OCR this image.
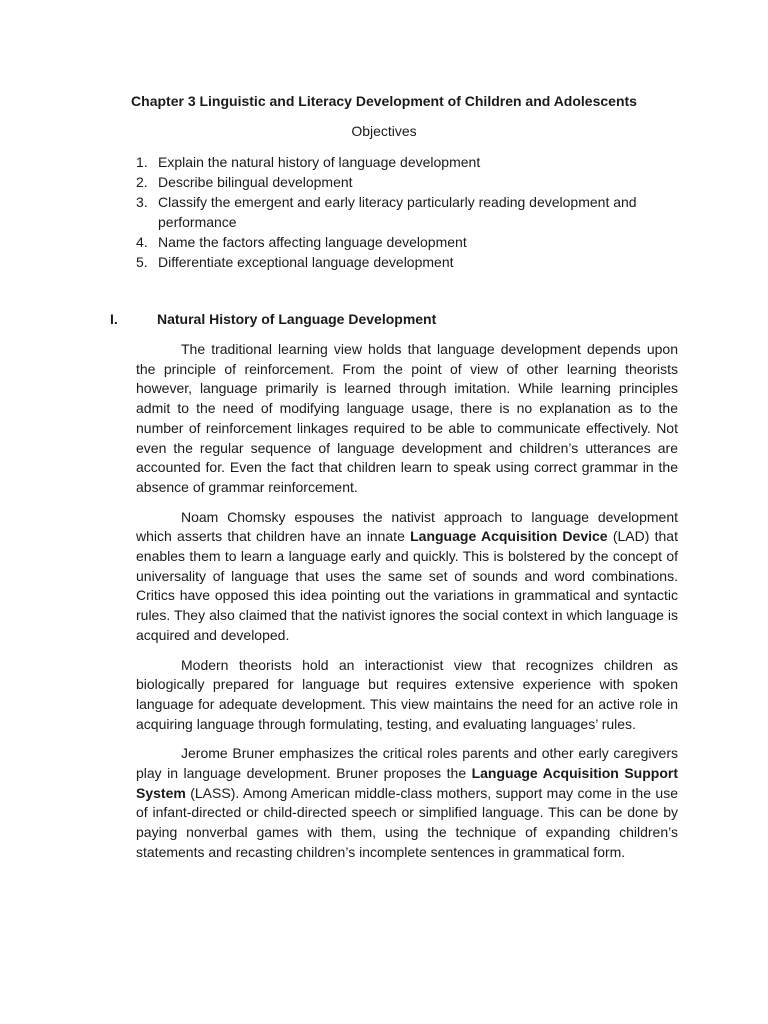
Chapter 3 Linguistic and Literacy Development of Children and Adolescents
Objectives
1. Explain the natural history of language development
2. Describe bilingual development
3. Classify the emergent and early literacy particularly reading development and performance
4. Name the factors affecting language development
5. Differentiate exceptional language development
I.	Natural History of Language Development

The traditional learning view holds that language development depends upon the principle of reinforcement. From the point of view of other learning theorists however, language primarily is learned through imitation. While learning principles admit to the need of modifying language usage, there is no explanation as to the number of reinforcement linkages required to be able to communicate effectively. Not even the regular sequence of language development and children’s utterances are accounted for. Even the fact that children learn to speak using correct grammar in the absence of grammar reinforcement.

Noam Chomsky espouses the nativist approach to language development which asserts that children have an innate Language Acquisition Device (LAD) that enables them to learn a language early and quickly. This is bolstered by the concept of universality of language that uses the same set of sounds and word combinations. Critics have opposed this idea pointing out the variations in grammatical and syntactic rules. They also claimed that the nativist ignores the social context in which language is acquired and developed.

Modern theorists hold an interactionist view that recognizes children as biologically prepared for language but requires extensive experience with spoken language for adequate development. This view maintains the need for an active role in acquiring language through formulating, testing, and evaluating languages’ rules.

Jerome Bruner emphasizes the critical roles parents and other early caregivers play in language development. Bruner proposes the Language Acquisition Support System (LASS). Among American middle-class mothers, support may come in the use of infant-directed or child-directed speech or simplified language. This can be done by paying nonverbal games with them, using the technique of expanding children’s statements and recasting children’s incomplete sentences in grammatical form.
